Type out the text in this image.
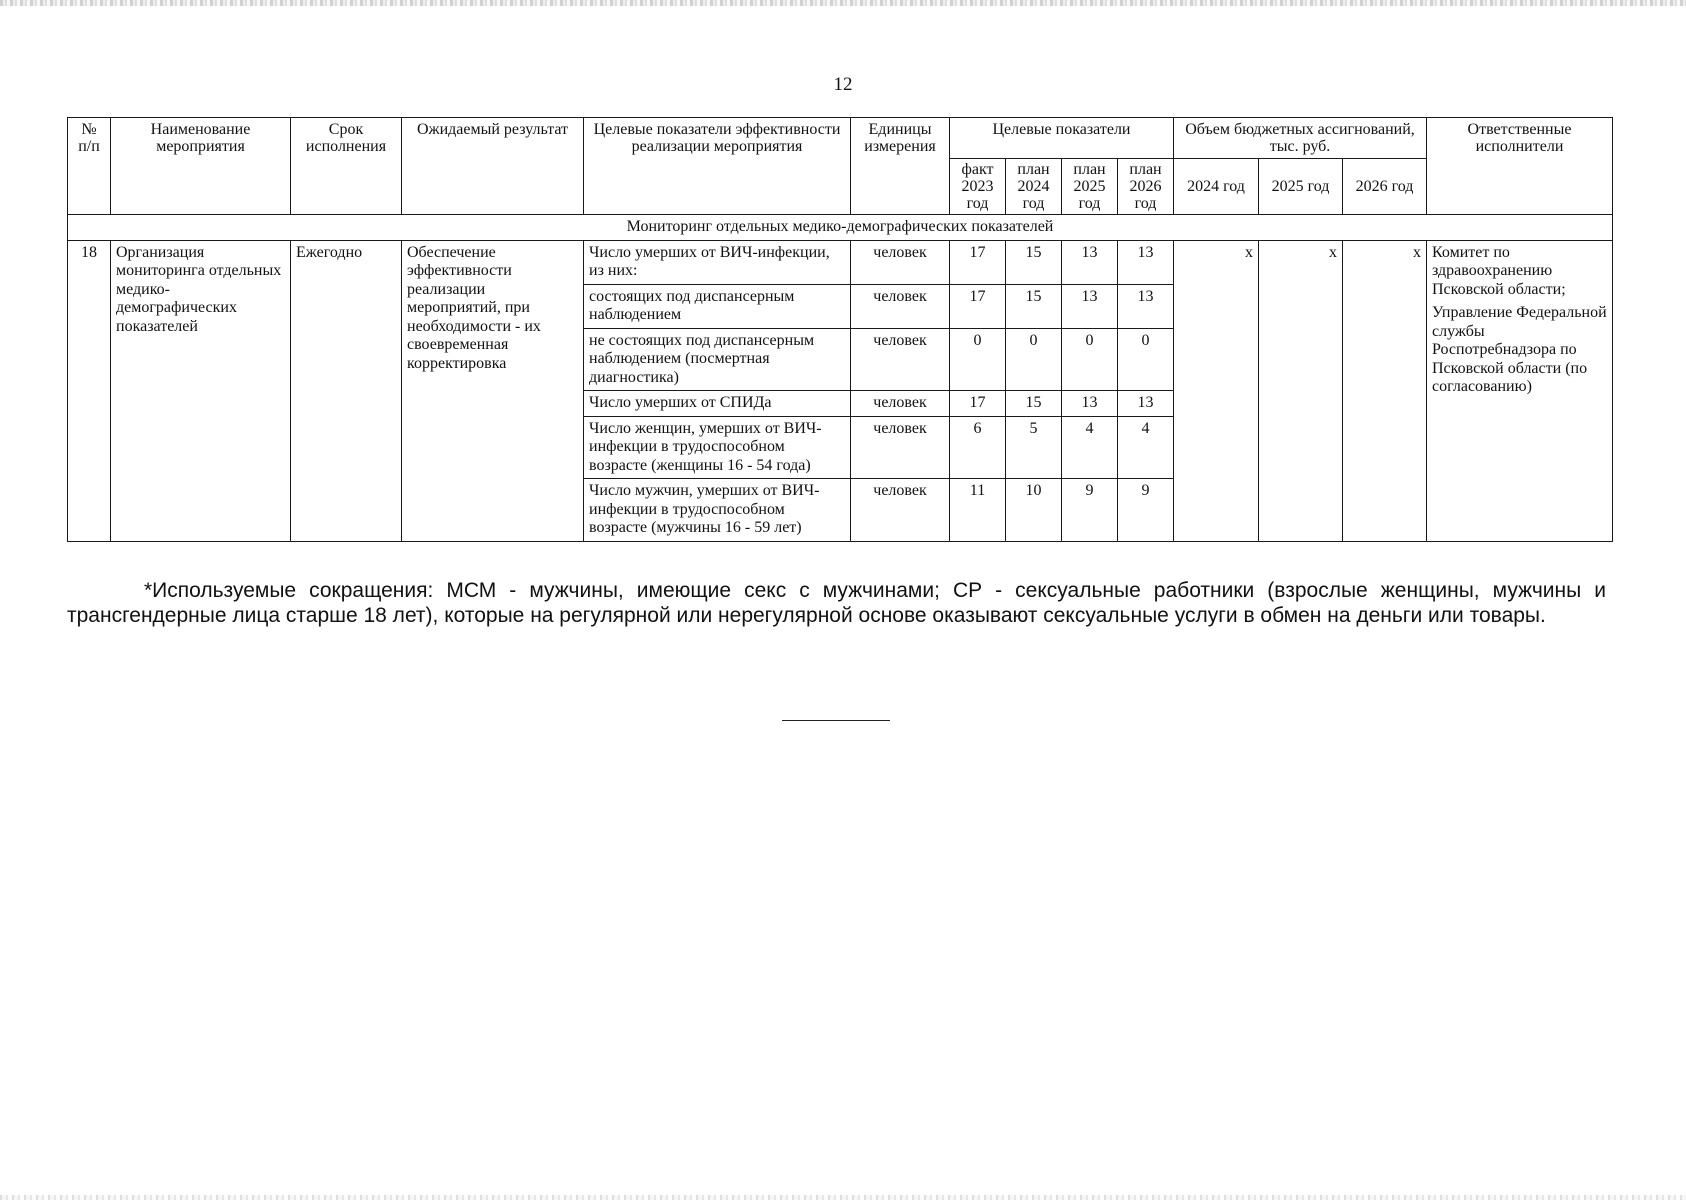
12
№ п/п	Наименование мероприятия	Срок исполнения	Ожидаемый результат	Целевые показатели эффективности реализации мероприятия	Единицы измерения	Целевые показатели				Объем бюджетных ассигнований, тыс. руб.			Ответственные исполнители
						факт 2023 год	план 2024 год	план 2025 год	план 2026 год	2024 год	2025 год	2026 год	
Мониторинг отдельных медико-демографических показателей													
18	Организация мониторинга отдельных медико-демографических показателей	Ежегодно	Обеспечение эффективности реализации мероприятий, при необходимости - их своевременная корректировка	Число умерших от ВИЧ-инфекции, из них:	человек	17	15	13	13	х	х	х	Комитет по здравоохранению Псковской области;

Управление Федеральной службы Роспотребнадзора по Псковской области (по согласованию)

				состоящих под диспансерным наблюдением	человек	17	15	13	13				
				не состоящих под диспансерным наблюдением (посмертная диагностика)	человек	0	0	0	0				
				Число умерших от СПИДа	человек	17	15	13	13				
				Число женщин, умерших от ВИЧ-инфекции в трудоспособном возрасте (женщины 16 - 54 года)	человек	6	5	4	4				
				Число мужчин, умерших от ВИЧ-инфекции в трудоспособном возрасте (мужчины 16 - 59 лет)	человек	11	10	9	9				
*Используемые сокращения: МСМ - мужчины, имеющие секс с мужчинами; СР - сексуальные работники (взрослые женщины, мужчины и трансгендерные лица старше 18 лет), которые на регулярной или нерегулярной основе оказывают сексуальные услуги в обмен на деньги или товары.
